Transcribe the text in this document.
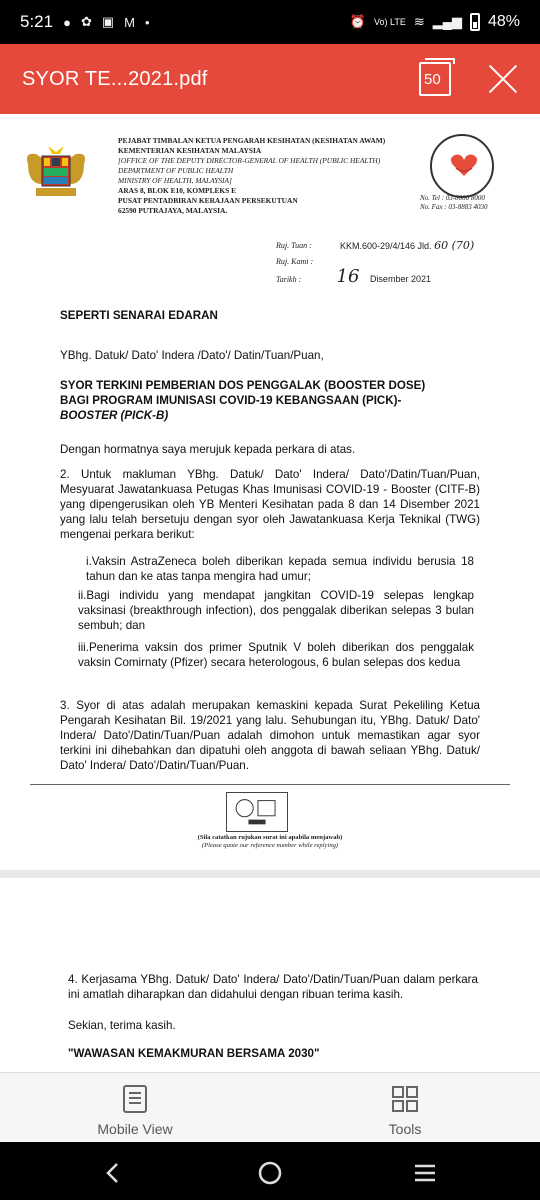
5:21 ● ✿ ▣ M •	⏰ Vo) LTE ≋ ▂▄▆ 48%
SYOR TE...2021.pdf	50
PEJABAT TIMBALAN KETUA PENGARAH KESIHATAN (KESIHATAN AWAM)
KEMENTERIAN KESIHATAN MALAYSIA
[OFFICE OF THE DEPUTY DIRECTOR-GENERAL OF HEALTH (PUBLIC HEALTH)
DEPARTMENT OF PUBLIC HEALTH
MINISTRY OF HEALTH, MALAYSIA]
ARAS 8, BLOK E10, KOMPLEKS E
PUSAT PENTADBIRAN KERAJAAN PERSEKUTUAN
62590 PUTRAJAYA, MALAYSIA.
No. Tel : 03-8000 8000
No. Fax : 03-8883 4030
Ruj. Tuan :	KKM.600-29/4/146 Jld. 60 (70)
Ruj. Kami :
Tarikh : 16 Disember 2021
SEPERTI SENARAI EDARAN
YBhg. Datuk/ Dato' Indera /Dato'/ Datin/Tuan/Puan,
SYOR TERKINI PEMBERIAN DOS PENGGALAK (BOOSTER DOSE)
BAGI PROGRAM IMUNISASI COVID-19 KEBANGSAAN (PICK)-
BOOSTER (PICK-B)
Dengan hormatnya saya merujuk kepada perkara di atas.
2. Untuk makluman YBhg. Datuk/ Dato' Indera/ Dato'/Datin/Tuan/Puan, Mesyuarat Jawatankuasa Petugas Khas Imunisasi COVID-19 - Booster (CITF-B) yang dipengerusikan oleh YB Menteri Kesihatan pada 8 dan 14 Disember 2021 yang lalu telah bersetuju dengan syor oleh Jawatankuasa Kerja Teknikal (TWG) mengenai perkara berikut:
i.Vaksin AstraZeneca boleh diberikan kepada semua individu berusia 18 tahun dan ke atas tanpa mengira had umur;
ii.Bagi individu yang mendapat jangkitan COVID-19 selepas lengkap vaksinasi (breakthrough infection), dos penggalak diberikan selepas 3 bulan sembuh; dan
iii.Penerima vaksin dos primer Sputnik V boleh diberikan dos penggalak vaksin Comirnaty (Pfizer) secara heterologous, 6 bulan selepas dos kedua
3. Syor di atas adalah merupakan kemaskini kepada Surat Pekeliling Ketua Pengarah Kesihatan Bil. 19/2021 yang lalu. Sehubungan itu, YBhg. Datuk/ Dato' Indera/ Dato'/Datin/Tuan/Puan adalah dimohon untuk memastikan agar syor terkini ini dihebahkan dan dipatuhi oleh anggota di bawah seliaan YBhg. Datuk/ Dato' Indera/ Dato'/Datin/Tuan/Puan.
(Sila catatkan rujukan surat ini apabila menjawab)
(Please quote our reference number while replying)
4. Kerjasama YBhg. Datuk/ Dato' Indera/ Dato'/Datin/Tuan/Puan dalam perkara ini amatlah diharapkan dan didahului dengan ribuan terima kasih.
Sekian, terima kasih.
"WAWASAN KEMAKMURAN BERSAMA 2030"
Mobile View	Tools
